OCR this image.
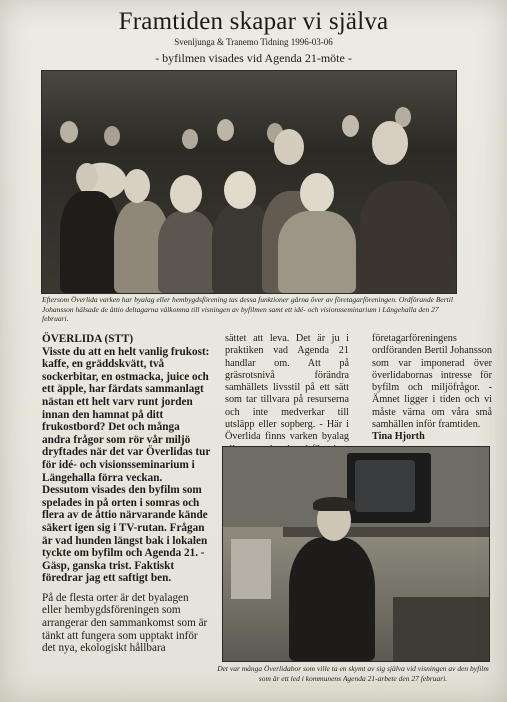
Framtiden skapar vi själva
Svenljunga & Tranemo Tidning 1996-03-06
- byfilmen visades vid Agenda 21-möte -
Eftersom Överlida varken har byalag eller hembygdsförening tas dessa funktioner gärna över av företagarföreningen. Ordförande Bertil Johansson hälsade de åttio deltagarna välkomna till visningen av byfilmen samt ett idé- och visionsseminarium i Längehalla den 27 februari.

ÖVERLIDA (STT)

Visste du att en helt vanlig frukost: kaffe, en gräddskvätt, två sockerbitar, en ostmacka, juice och ett äpple, har färdats sammanlagt nästan ett helt varv runt jorden innan den hamnat på ditt frukostbord? Det och många andra frågor som rör vår miljö dryftades när det var Överlidas tur för idé- och visionsseminarium i Längehalla förra veckan. Dessutom visades den byfilm som spelades in på orten i somras och flera av de åttio närvarande kände säkert igen sig i TV-rutan. Frågan är vad hunden längst bak i lokalen tyckte om byfilm och Agenda 21. - Gäsp, ganska trist. Faktiskt föredrar jag ett saftigt ben.

På de flesta orter är det byalagen eller hembygdsföreningen som arrangerar den sammankomst som är tänkt att fungera som upptakt inför det nya, ekologiskt hållbara

sättet att leva. Det är ju i praktiken vad Agenda 21 handlar om. Att på gräsrotsnivå förändra samhällets livsstil på ett sätt som tar tillvara på resurserna och inte medverkar till utsläpp eller sopberg. - Här i Överlida finns varken byalag

företagarföreningens ordföranden Bertil Johansson som var imponerad över överlidabornas intresse för byfilm och miljöfrågor. - Ämnet ligger i tiden och vi måste värna om våra små samhällen inför framtiden.

Tina Hjorth

Det var många Överlidabor som ville ta en skymt av sig själva vid visningen av den byfilm som är ett led i kommunens Agenda 21-arbete den 27 februari.
